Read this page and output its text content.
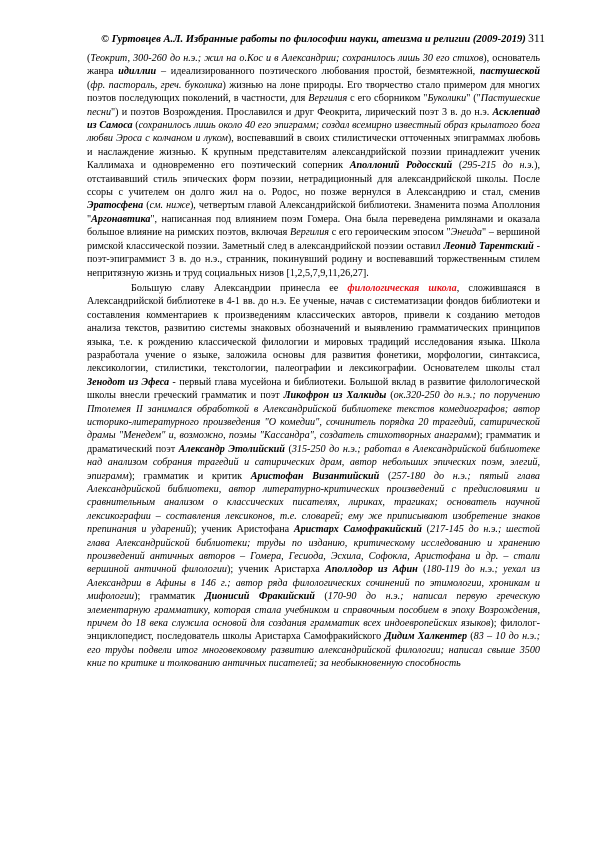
© Гуртовцев А.Л. Избранные работы по философии науки, атеизма и религии (2009-2019) 311

(Теокрит, 300-260 до н.э.; жил на о.Кос и в Александрии; сохранилось лишь 30 его стихов), основатель жанра идиллии – идеализированного поэтического любования простой, безмятежной, пастушеской (фр. пастораль, греч. буколика) жизнью на лоне природы. Его творчество стало примером для многих поэтов последующих поколений, в частности, для Вергилия с его сборником "Буколики" ("Пастушеские песни") и поэтов Возрождения. Прославился и друг Феокрита, лирический поэт 3 в. до н.э. Асклепиад из Самоса (сохранилось лишь около 40 его эпиграмм; создал всемирно известный образ крылатого бога любви Эроса с колчаном и луком), воспевавший в своих стилистически отточенных эпиграммах любовь и наслаждение жизнью. К крупным представителям александрийской поэзии принадлежит ученик Каллимаха и одновременно его поэтический соперник Аполлоний Родосский (295-215 до н.э.), отстаивавший стиль эпических форм поэзии, нетрадиционный для александрийской школы. После ссоры с учителем он долго жил на о. Родос, но позже вернулся в Александрию и стал, сменив Эратосфена (см. ниже), четвертым главой Александрийской библиотеки. Знаменита поэма Аполлония "Аргонавтика", написанная под влиянием поэм Гомера. Она была переведена римлянами и оказала большое влияние на римских поэтов, включая Вергилия с его героическим эпосом "Энеида" – вершиной римской классической поэзии. Заметный след в александрийской поэзии оставил Леонид Тарентский - поэт-эпиграммист 3 в. до н.э., странник, покинувший родину и воспевавший торжественным стилем непритязную жизнь и труд социальных низов [1,2,5,7,9,11,26,27].

Большую славу Александрии принесла ее филологическая школа, сложившаяся в Александрийской библиотеке в 4-1 вв. до н.э. Ее ученые, начав с систематизации фондов библиотеки и составления комментариев к произведениям классических авторов, привели к созданию методов анализа текстов, развитию системы знаковых обозначений и выявлению грамматических принципов языка, т.е. к рождению классической филологии и мировых традиций исследования языка. Школа разработала учение о языке, заложила основы для развития фонетики, морфологии, синтаксиса, лексикологии, стилистики, текстологии, палеографии и лексикографии. Основателем школы стал Зенодот из Эфеса - первый глава мусейона и библиотеки. Большой вклад в развитие филологической школы внесли греческий грамматик и поэт Ликофрон из Халкиды (ок.320-250 до н.э.; по поручению Птолемея II занимался обработкой в Александрийской библиотеке текстов комедиографов; автор историко-литературного произведения "О комедии", сочинитель порядка 20 трагедий, сатирической драмы "Менедем" и, возможно, поэмы "Кассандра", создатель стихотворных анаграмм); грамматик и драматический поэт Александр Этолийский (315-250 до н.э.; работал в Александрийской библиотеке над анализом собрания трагедий и сатирических драм, автор небольших эпических поэм, элегий, эпиграмм); грамматик и критик Аристофан Византийский (257-180 до н.э.; пятый глава Александрийской библиотеки, автор литературно-критических произведений с предисловиями и сравнительным анализом о классических писателях, лириках, трагиках; основатель научной лексикографии – составления лексиконов, т.е. словарей; ему же приписывают изобретение знаков препинания и ударений); ученик Аристофана Аристарх Самофракийский (217-145 до н.э.; шестой глава Александрийской библиотеки; труды по изданию, критическому исследованию и хранению произведений античных авторов – Гомера, Гесиода, Эсхила, Софокла, Аристофана и др. – стали вершиной античной филологии); ученик Аристарха Аполлодор из Афин (180-119 до н.э.; уехал из Александрии в Афины в 146 г.; автор ряда филологических сочинений по этимологии, хроникам и мифологии); грамматик Дионисий Фракийский (170-90 до н.э.; написал первую греческую элементарную грамматику, которая стала учебником и справочным пособием в эпоху Возрождения, причем до 18 века служила основой для создания грамматик всех индоевропейских языков); филолог-энциклопедист, последователь школы Аристарха Самофракийского Дидим Халкентер (83 – 10 до н.э.; его труды подвели итог многовековому развитию александрийской филологии; написал свыше 3500 книг по критике и толкованию античных писателей; за необыкновенную способность
